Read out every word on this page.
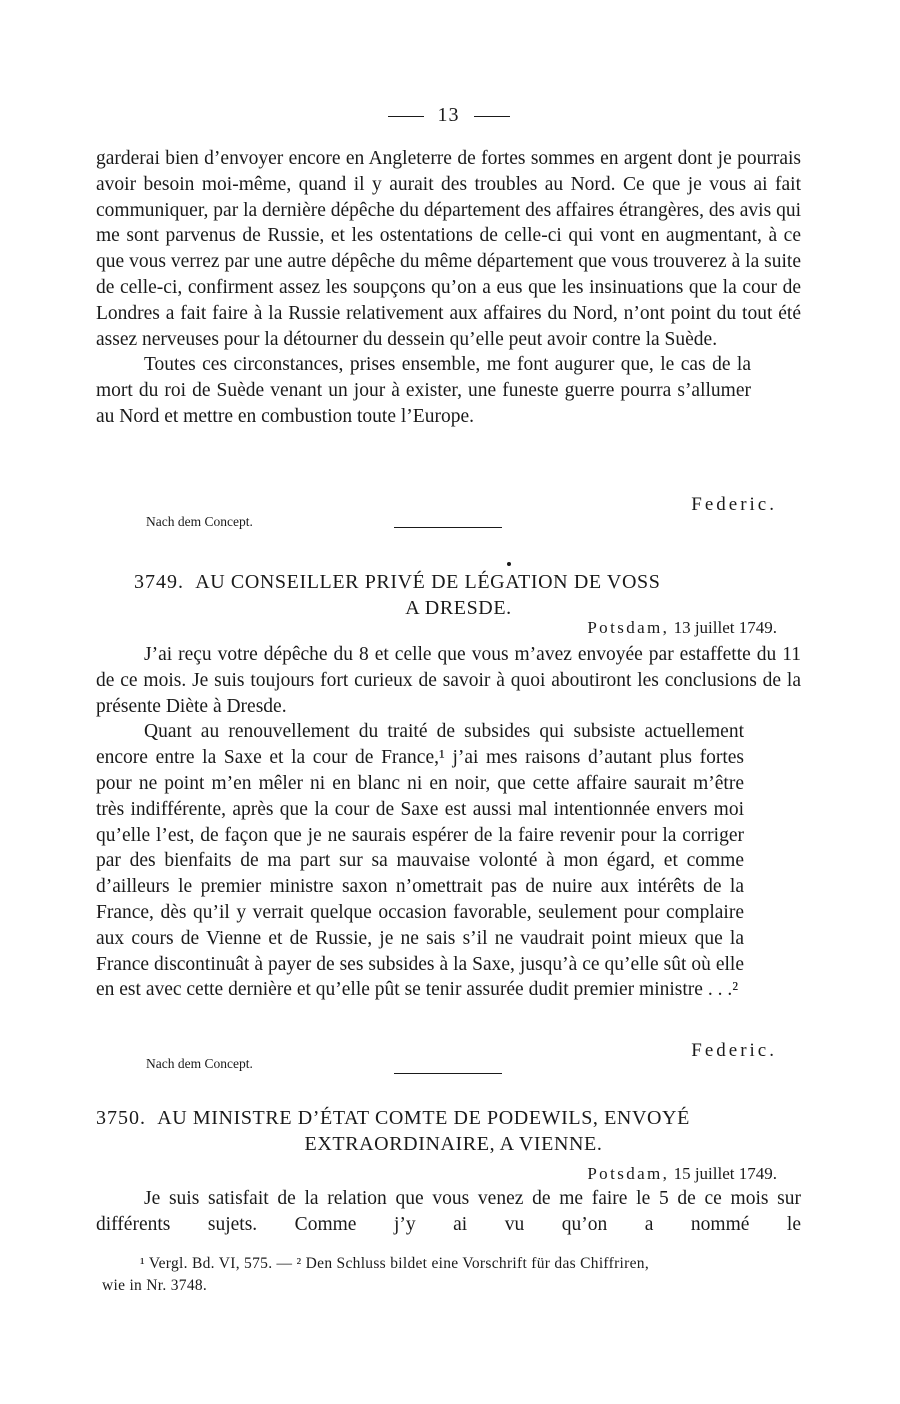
13

garderai bien d’envoyer encore en Angleterre de fortes sommes en argent dont je pourrais avoir besoin moi-même, quand il y aurait des troubles au Nord. Ce que je vous ai fait communiquer, par la dernière dépêche du département des affaires étrangères, des avis qui me sont parvenus de Russie, et les ostentations de celle-ci qui vont en augmentant, à ce que vous verrez par une autre dépêche du même département que vous trouverez à la suite de celle-ci, confirment assez les soupçons qu’on a eus que les insinuations que la cour de Londres a fait faire à la Russie relativement aux affaires du Nord, n’ont point du tout été assez nerveuses pour la détourner du dessein qu’elle peut avoir contre la Suède.

Toutes ces circonstances, prises ensemble, me font augurer que, le cas de la mort du roi de Suède venant un jour à exister, une funeste guerre pourra s’allumer au Nord et mettre en combustion toute l’Europe.

Federic.
Nach dem Concept.
3749. AU CONSEILLER PRIVÉ DE LÉGATION DE VOSS
A DRESDE.
Potsdam, 13 juillet 1749.

J’ai reçu votre dépêche du 8 et celle que vous m’avez envoyée par estaffette du 11 de ce mois. Je suis toujours fort curieux de savoir à quoi aboutiront les conclusions de la présente Diète à Dresde.

Quant au renouvellement du traité de subsides qui subsiste actuellement encore entre la Saxe et la cour de France,¹ j’ai mes raisons d’autant plus fortes pour ne point m’en mêler ni en blanc ni en noir, que cette affaire saurait m’être très indifférente, après que la cour de Saxe est aussi mal intentionnée envers moi qu’elle l’est, de façon que je ne saurais espérer de la faire revenir pour la corriger par des bienfaits de ma part sur sa mauvaise volonté à mon égard, et comme d’ailleurs le premier ministre saxon n’omettrait pas de nuire aux intérêts de la France, dès qu’il y verrait quelque occasion favorable, seulement pour complaire aux cours de Vienne et de Russie, je ne sais s’il ne vaudrait point mieux que la France discontinuât à payer de ses subsides à la Saxe, jusqu’à ce qu’elle sût où elle en est avec cette dernière et qu’elle pût se tenir assurée dudit premier ministre . . .²

Federic.
Nach dem Concept.
3750. AU MINISTRE D’ÉTAT COMTE DE PODEWILS, ENVOYÉ
EXTRAORDINAIRE, A VIENNE.
Potsdam, 15 juillet 1749.

Je suis satisfait de la relation que vous venez de me faire le 5 de ce mois sur différents sujets. Comme j’y ai vu qu’on a nommé le

¹ Vergl. Bd. VI, 575. — ² Den Schluss bildet eine Vorschrift für das Chiffriren,
wie in Nr. 3748.
